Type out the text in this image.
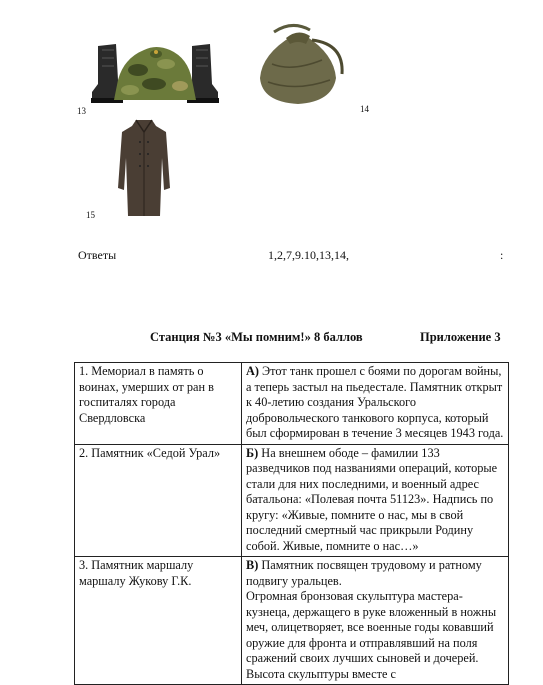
13	14
15
Ответы	1,2,7,9.10,13,14,	:
Станция №3 «Мы помним!» 8 баллов	Приложение 3
1. Мемориал в память о воинах, умерших от ран в госпиталях города Свердловска	А) Этот танк прошел с боями по дорогам войны, а теперь застыл на пьедестале. Памятник открыт к 40-летию создания Уральского добровольческого танкового корпуса, который был сформирован в течение 3 месяцев 1943 года.
2. Памятник «Седой Урал»	Б) На внешнем ободе – фамилии 133 разведчиков под названиями операций, которые стали для них последними, и военный адрес батальона: «Полевая почта 51123». Надпись по кругу: «Живые, помните о нас, мы в свой последний смертный час прикрыли Родину собой. Живые, помните о нас…»
3. Памятник маршалу маршалу Жукову Г.К.	В) Памятник посвящен трудовому и ратному подвигу уральцев.
Огромная бронзовая скульптура мастера-кузнеца, держащего в руке вложенный в ножны меч, олицетворяет, все военные годы ковавший оружие для фронта и отправлявший на поля сражений своих лучших сыновей и дочерей. Высота скульптуры вместе с
